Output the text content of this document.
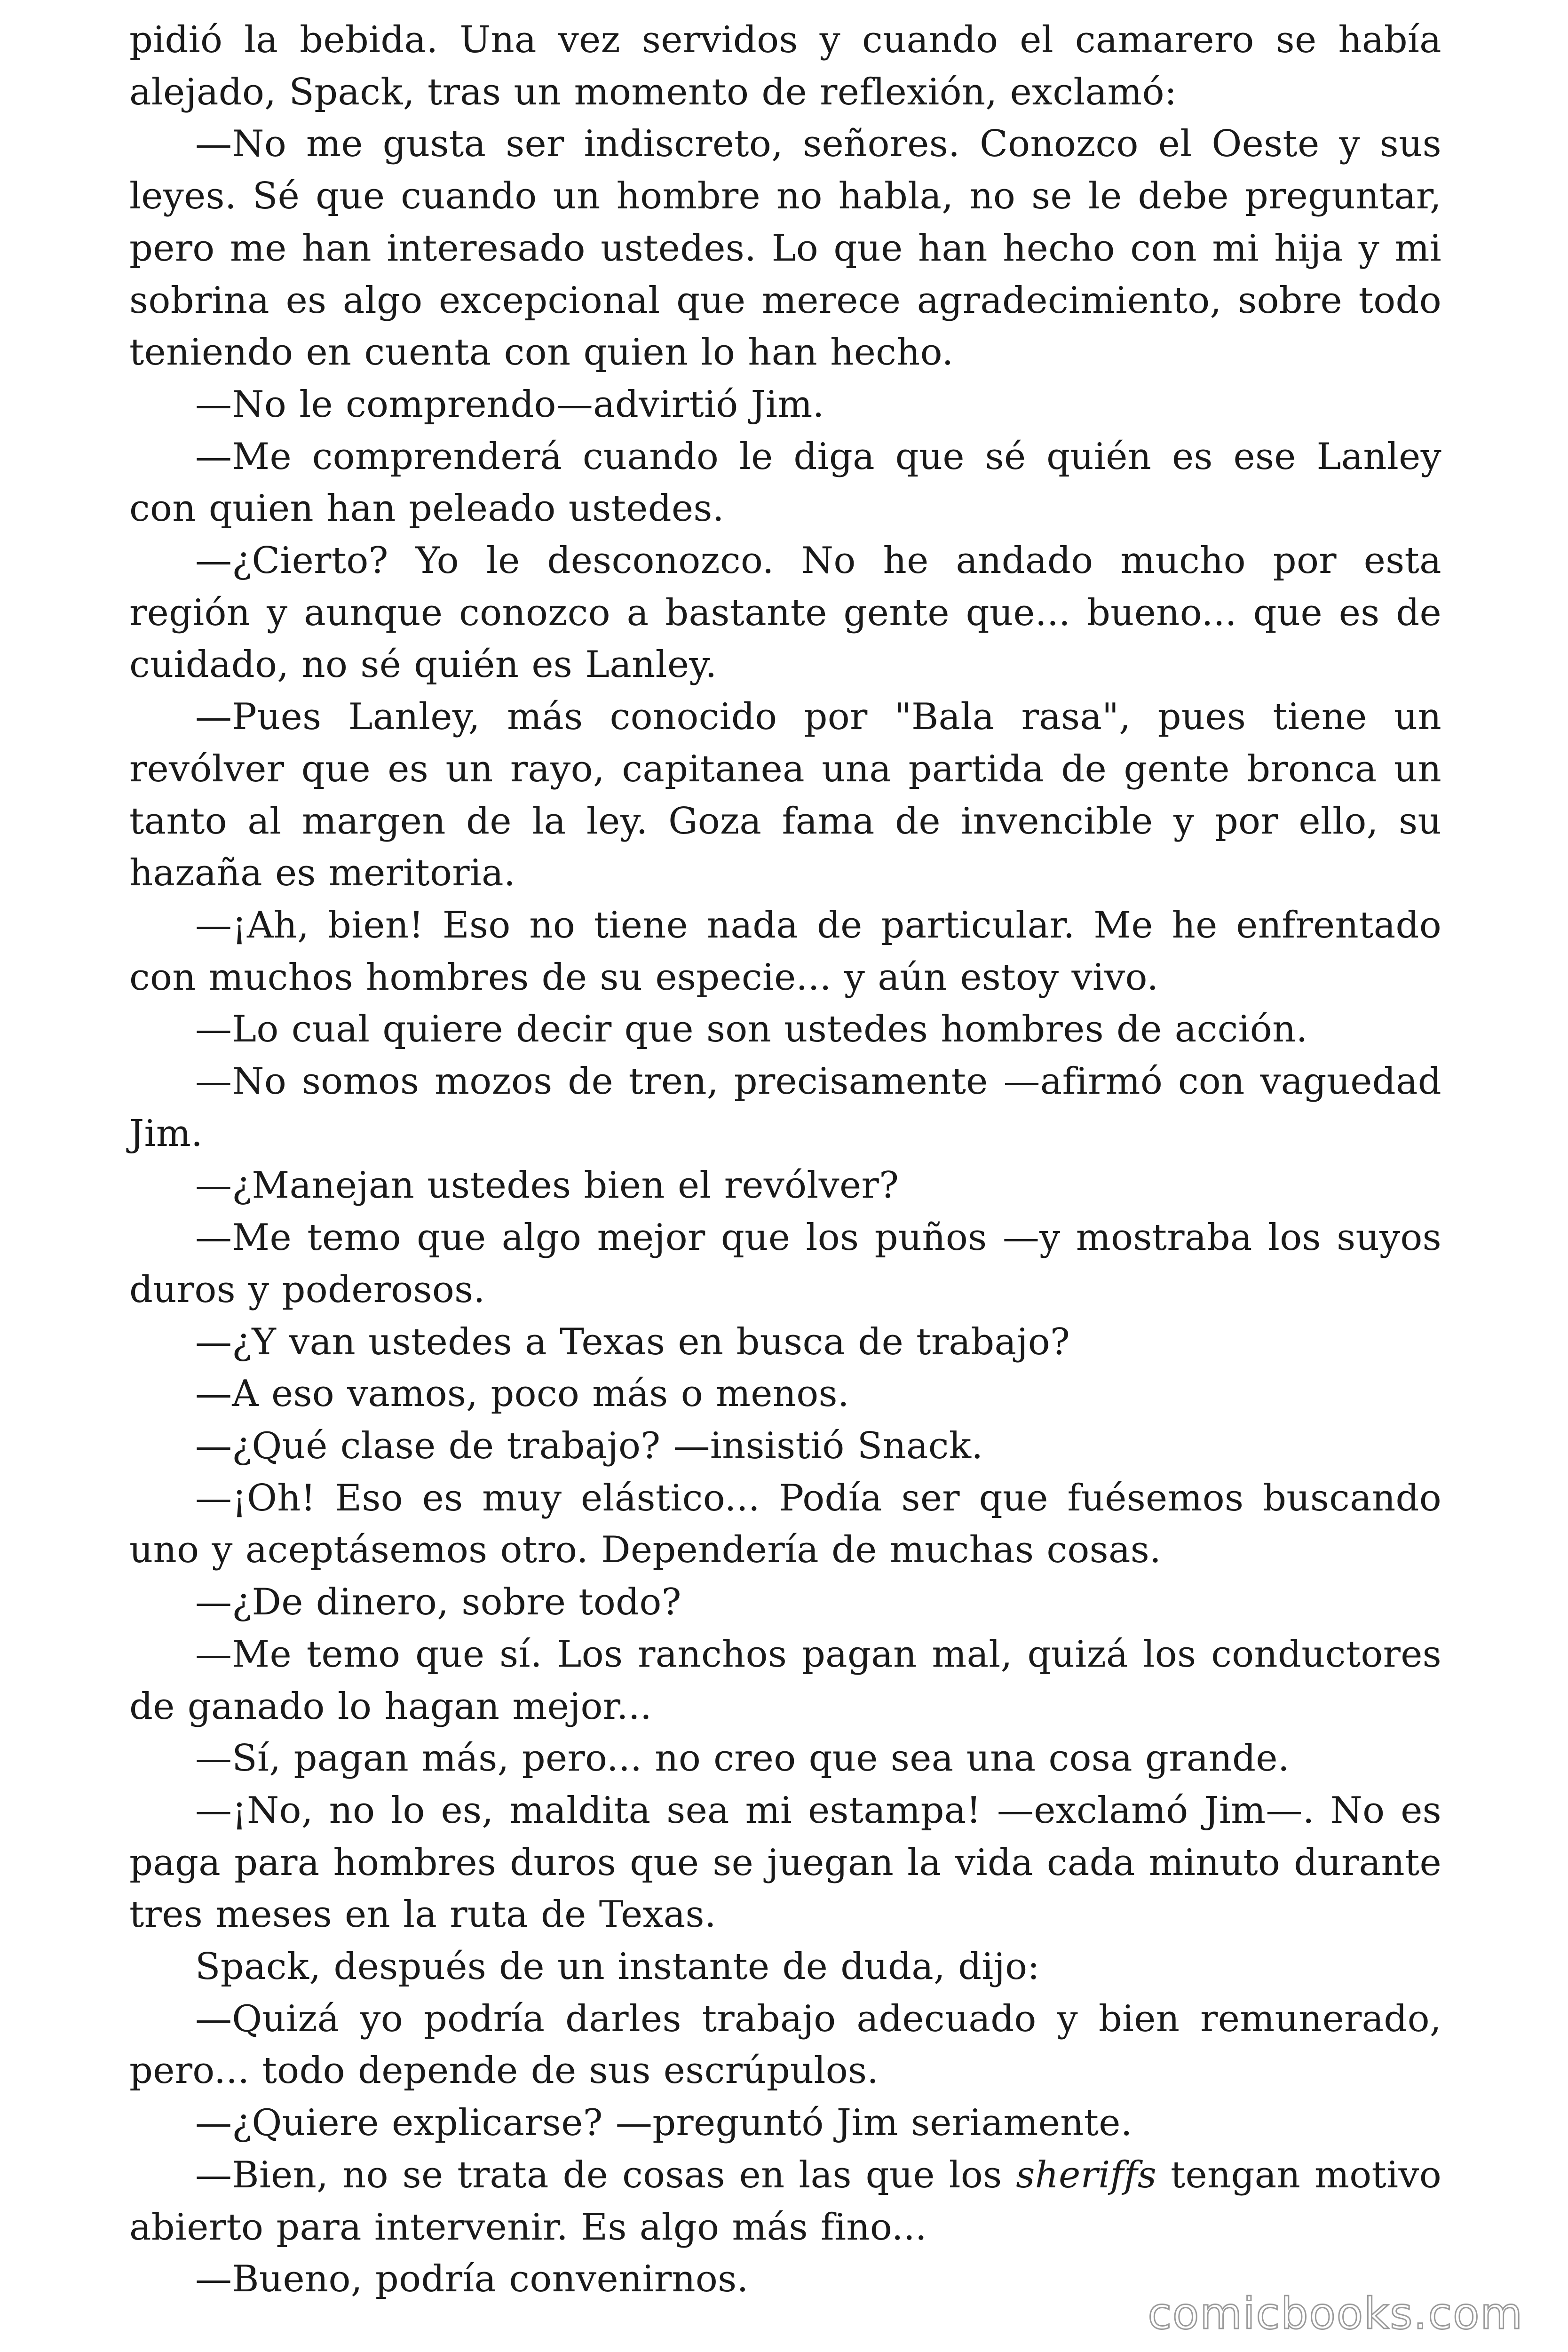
pidió la bebida. Una vez servidos y cuando el camarero se había alejado, Spack, tras un momento de reflexión, exclamó:

—No me gusta ser indiscreto, señores. Conozco el Oeste y sus leyes. Sé que cuando un hombre no habla, no se le debe preguntar, pero me han interesado ustedes. Lo que han hecho con mi hija y mi sobrina es algo excepcional que merece agradecimiento, sobre todo teniendo en cuenta con quien lo han hecho.

—No le comprendo—advirtió Jim.

—Me comprenderá cuando le diga que sé quién es ese Lanley con quien han peleado ustedes.

—¿Cierto? Yo le desconozco. No he andado mucho por esta región y aunque conozco a bastante gente que... bueno... que es de cuidado, no sé quién es Lanley.

—Pues Lanley, más conocido por "Bala rasa", pues tiene un revólver que es un rayo, capitanea una partida de gente bronca un tanto al margen de la ley. Goza fama de invencible y por ello, su hazaña es meritoria.

—¡Ah, bien! Eso no tiene nada de particular. Me he enfrentado con muchos hombres de su especie... y aún estoy vivo.

—Lo cual quiere decir que son ustedes hombres de acción.

—No somos mozos de tren, precisamente —afirmó con vaguedad Jim.

—¿Manejan ustedes bien el revólver?

—Me temo que algo mejor que los puños —y mostraba los suyos duros y poderosos.

—¿Y van ustedes a Texas en busca de trabajo?

—A eso vamos, poco más o menos.

—¿Qué clase de trabajo? —insistió Snack.

—¡Oh! Eso es muy elástico... Podía ser que fuésemos buscando uno y aceptásemos otro. Dependería de muchas cosas.

—¿De dinero, sobre todo?

—Me temo que sí. Los ranchos pagan mal, quizá los conductores de ganado lo hagan mejor...

—Sí, pagan más, pero... no creo que sea una cosa grande.

—¡No, no lo es, maldita sea mi estampa! —exclamó Jim—. No es paga para hombres duros que se juegan la vida cada minuto durante tres meses en la ruta de Texas.

Spack, después de un instante de duda, dijo:

—Quizá yo podría darles trabajo adecuado y bien remunerado, pero... todo depende de sus escrúpulos.

—¿Quiere explicarse? —preguntó Jim seriamente.

—Bien, no se trata de cosas en las que los sheriffs tengan motivo abierto para intervenir. Es algo más fino...

—Bueno, podría convenirnos.

comicbooks.com
